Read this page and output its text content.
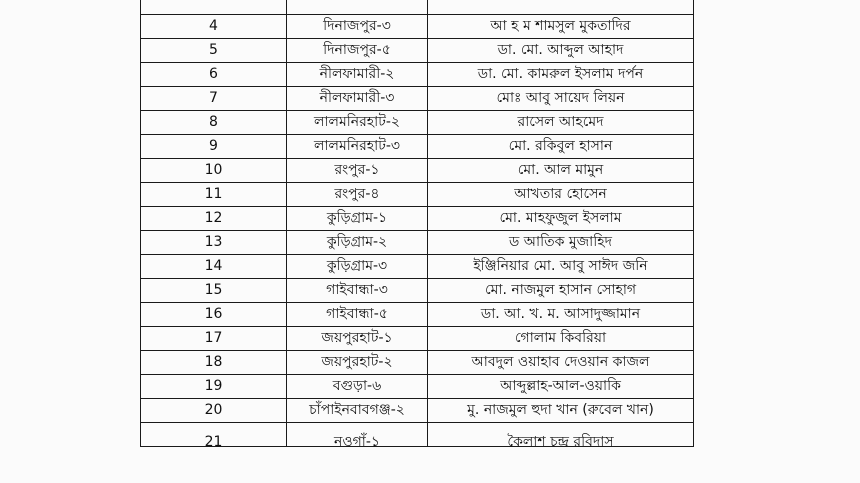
4	দিনাজপুর-৩	আ হ ম শামসুল মুকতাদির
5	দিনাজপুর-৫	ডা. মো. আব্দুল আহাদ
6	নীলফামারী-২	ডা. মো. কামরুল ইসলাম দর্পন
7	নীলফামারী-৩	মোঃ আবু সায়েদ লিয়ন
8	লালমনিরহাট-২	রাসেল আহমেদ
9	লালমনিরহাট-৩	মো. রকিবুল হাসান
10	রংপুর-১	মো. আল মামুন
11	রংপুর-৪	আখতার হোসেন
12	কুড়িগ্রাম-১	মো. মাহফুজুল ইসলাম
13	কুড়িগ্রাম-২	ড আতিক মুজাহিদ
14	কুড়িগ্রাম-৩	ইঞ্জিনিয়ার মো. আবু সাঈদ জনি
15	গাইবান্ধা-৩	মো. নাজমুল হাসান সোহাগ
16	গাইবান্ধা-৫	ডা. আ. খ. ম. আসাদুজ্জামান
17	জয়পুরহাট-১	গোলাম কিবরিয়া
18	জয়পুরহাট-২	আবদুল ওয়াহাব দেওয়ান কাজল
19	বগুড়া-৬	আব্দুল্লাহ-আল-ওয়াকি
20	চাঁপাইনবাবগঞ্জ-২	মু. নাজমুল হুদা খান (রুবেল খান)
21	নওগাঁ-১	কৈলাশ চন্দ্র রবিদাস
